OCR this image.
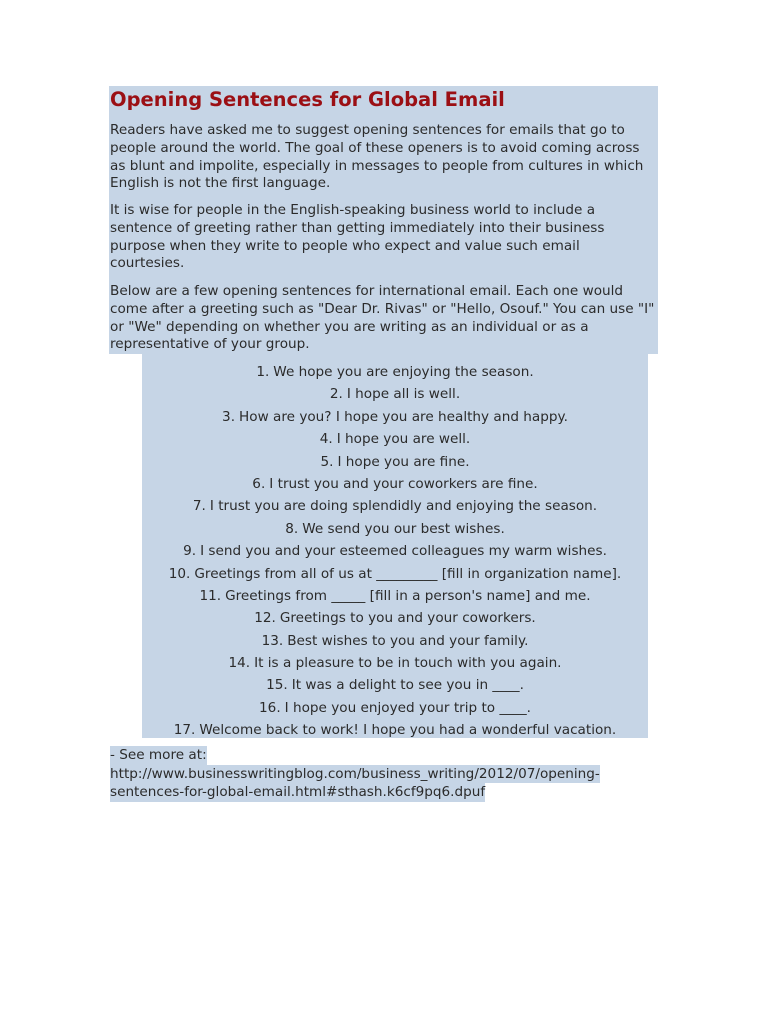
Opening Sentences for Global Email

Readers have asked me to suggest opening sentences for emails that go to people around the world. The goal of these openers is to avoid coming across as blunt and impolite, especially in messages to people from cultures in which English is not the first language.

It is wise for people in the English-speaking business world to include a sentence of greeting rather than getting immediately into their business purpose when they write to people who expect and value such email courtesies.

Below are a few opening sentences for international email. Each one would come after a greeting such as "Dear Dr. Rivas" or "Hello, Osouf." You can use "I" or "We" depending on whether you are writing as an individual or as a representative of your group.

1. We hope you are enjoying the season.
2. I hope all is well.
3. How are you? I hope you are healthy and happy.
4. I hope you are well.
5. I hope you are fine.
6. I trust you and your coworkers are fine.
7. I trust you are doing splendidly and enjoying the season.
8. We send you our best wishes.
9. I send you and your esteemed colleagues my warm wishes.
10. Greetings from all of us at _________ [fill in organization name].
11. Greetings from _____ [fill in a person's name] and me.
12. Greetings to you and your coworkers.
13. Best wishes to you and your family.
14. It is a pleasure to be in touch with you again.
15. It was a delight to see you in ____.
16. I hope you enjoyed your trip to ____.
17. Welcome back to work! I hope you had a wonderful vacation.
- See more at:
http://www.businesswritingblog.com/business_writing/2012/07/opening-
sentences-for-global-email.html#sthash.k6cf9pq6.dpuf
